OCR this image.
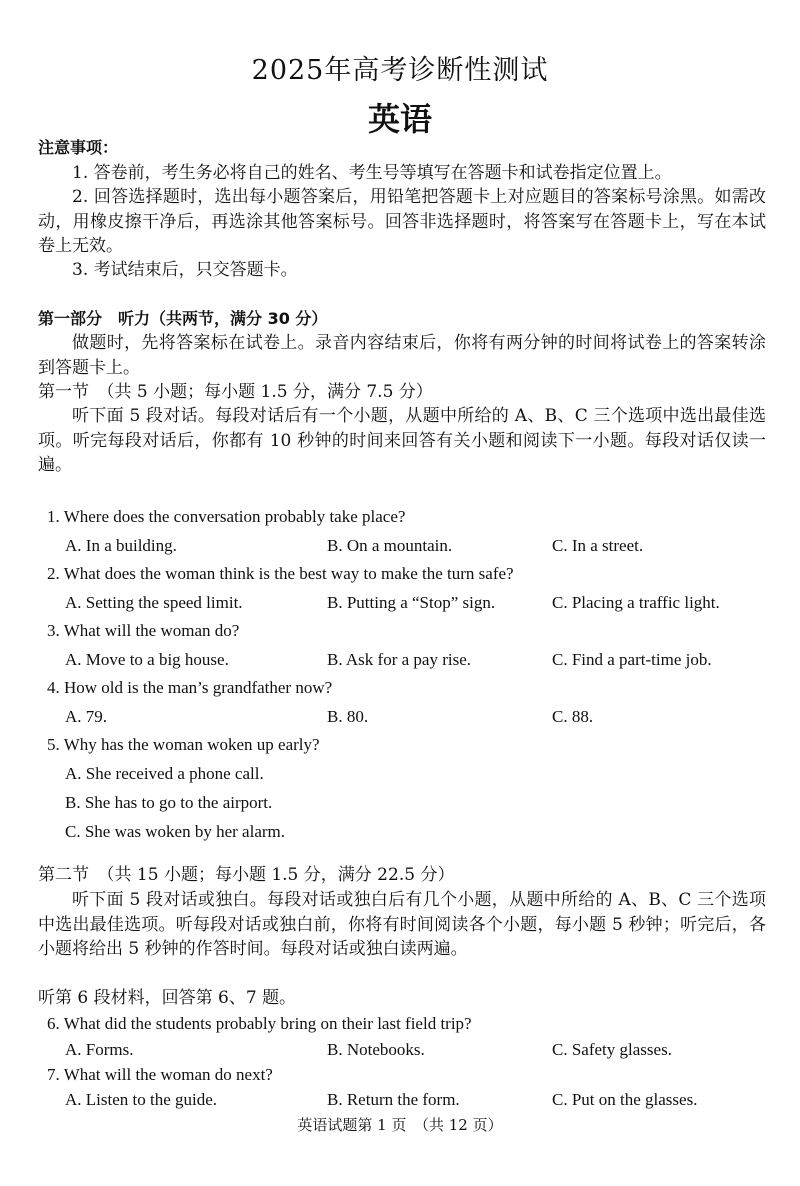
2025年高考诊断性测试
英语
注意事项：
1. 答卷前，考生务必将自己的姓名、考生号等填写在答题卡和试卷指定位置上。
2. 回答选择题时，选出每小题答案后，用铅笔把答题卡上对应题目的答案标号涂黑。如需改动，用橡皮擦干净后，再选涂其他答案标号。回答非选择题时，将答案写在答题卡上，写在本试卷上无效。
3. 考试结束后，只交答题卡。
第一部分　听力（共两节，满分 30 分）
做题时，先将答案标在试卷上。录音内容结束后，你将有两分钟的时间将试卷上的答案转涂到答题卡上。
第一节　（共 5 小题；每小题 1.5 分，满分 7.5 分）
听下面 5 段对话。每段对话后有一个小题，从题中所给的 A、B、C 三个选项中选出最佳选项。听完每段对话后，你都有 10 秒钟的时间来回答有关小题和阅读下一小题。每段对话仅读一遍。
1. Where does the conversation probably take place?
A. In a building.	B. On a mountain.	C. In a street.
2. What does the woman think is the best way to make the turn safe?
A. Setting the speed limit.	B. Putting a “Stop” sign.	C. Placing a traffic light.
3. What will the woman do?
A. Move to a big house.	B. Ask for a pay rise.	C. Find a part-time job.
4. How old is the man’s grandfather now?
A. 79.	B. 80.	C. 88.
5. Why has the woman woken up early?
A. She received a phone call.
B. She has to go to the airport.
C. She was woken by her alarm.
第二节　（共 15 小题；每小题 1.5 分，满分 22.5 分）
听下面 5 段对话或独白。每段对话或独白后有几个小题，从题中所给的 A、B、C 三个选项中选出最佳选项。听每段对话或独白前，你将有时间阅读各个小题，每小题 5 秒钟；听完后，各小题将给出 5 秒钟的作答时间。每段对话或独白读两遍。
听第 6 段材料，回答第 6、7 题。
6. What did the students probably bring on their last field trip?
A. Forms.	B. Notebooks.	C. Safety glasses.
7. What will the woman do next?
A. Listen to the guide.	B. Return the form.	C. Put on the glasses.
英语试题第 1 页　（共 12 页）
